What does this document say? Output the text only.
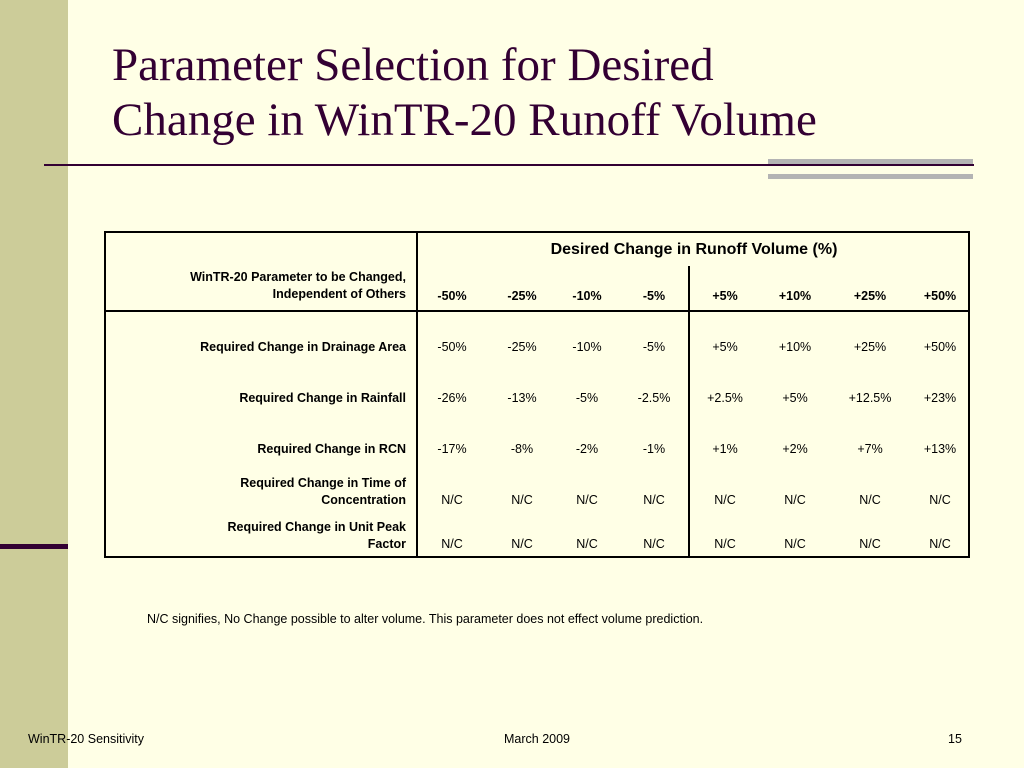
Parameter Selection for Desired
Change in WinTR-20 Runoff Volume
Desired Change in Runoff Volume (%)
WinTR-20 Parameter to be Changed,
Independent of Others	-50%	-25%	-10%	-5%	+5%	+10%	+25%	+50%
Required Change in Drainage Area	-50%	-25%	-10%	-5%	+5%	+10%	+25%	+50%
Required Change in Rainfall	-26%	-13%	-5%	-2.5%	+2.5%	+5%	+12.5%	+23%
Required Change in RCN	-17%	-8%	-2%	-1%	+1%	+2%	+7%	+13%
Required Change in Time of
Concentration	N/C	N/C	N/C	N/C	N/C	N/C	N/C	N/C
Required Change in Unit Peak
Factor	N/C	N/C	N/C	N/C	N/C	N/C	N/C	N/C
N/C signifies, No Change possible to alter volume. This parameter does not effect volume prediction.
WinTR-20 Sensitivity	March 2009	15
